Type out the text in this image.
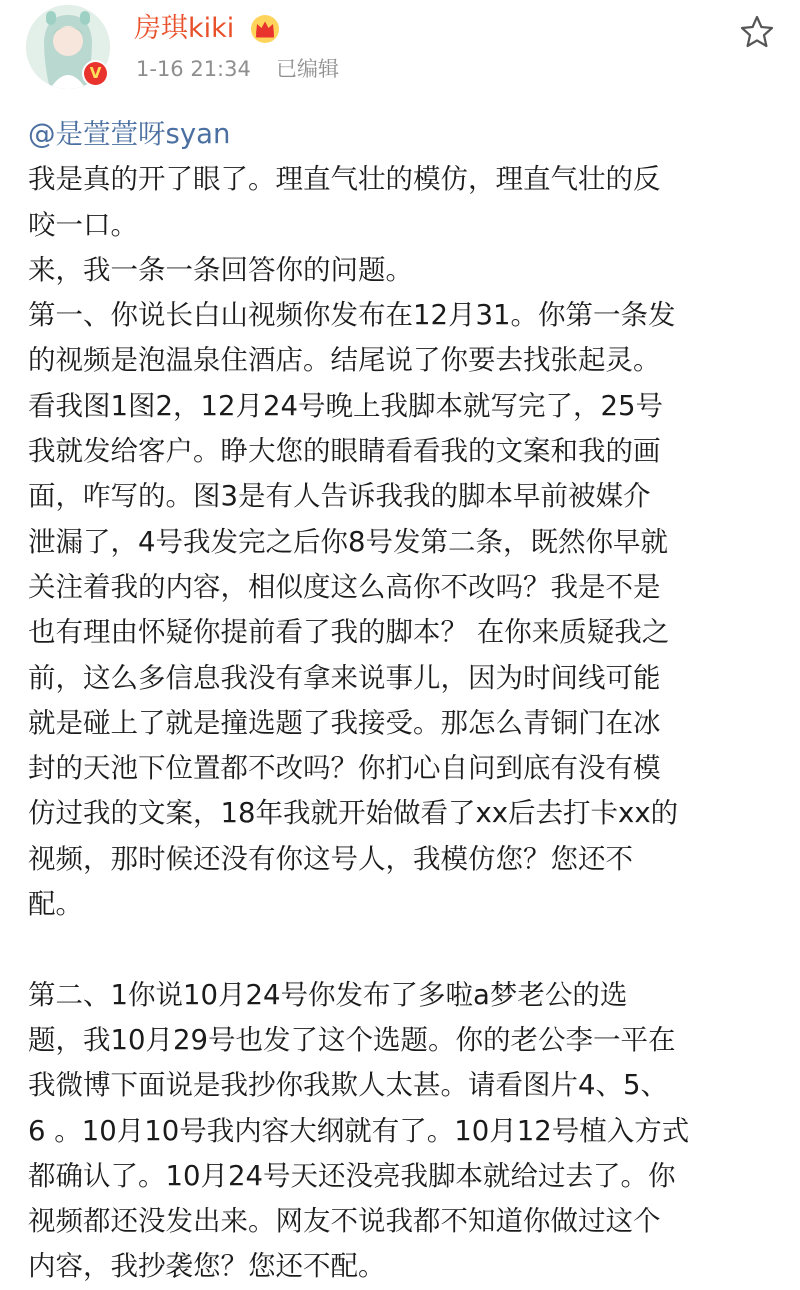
V
房琪kiki
1-16 21:34 已编辑
@是萱萱呀syan
我是真的开了眼了。理直气壮的模仿，理直气壮的反
咬一口。
来，我一条一条回答你的问题。
第一、你说长白山视频你发布在12月31。你第一条发
的视频是泡温泉住酒店。结尾说了你要去找张起灵。
看我图1图2，12月24号晚上我脚本就写完了，25号
我就发给客户。睁大您的眼睛看看我的文案和我的画
面，咋写的。图3是有人告诉我我的脚本早前被媒介
泄漏了，4号我发完之后你8号发第二条，既然你早就
关注着我的内容，相似度这么高你不改吗？我是不是
也有理由怀疑你提前看了我的脚本？ 在你来质疑我之
前，这么多信息我没有拿来说事儿，因为时间线可能
就是碰上了就是撞选题了我接受。那怎么青铜门在冰
封的天池下位置都不改吗？你扪心自问到底有没有模
仿过我的文案，18年我就开始做看了xx后去打卡xx的
视频，那时候还没有你这号人，我模仿您？您还不
配。
第二、1你说10月24号你发布了多啦a梦老公的选
题，我10月29号也发了这个选题。你的老公李一平在
我微博下面说是我抄你我欺人太甚。请看图片4、5、
6 。10月10号我内容大纲就有了。10月12号植入方式
都确认了。10月24号天还没亮我脚本就给过去了。你
视频都还没发出来。网友不说我都不知道你做过这个
内容，我抄袭您？您还不配。
